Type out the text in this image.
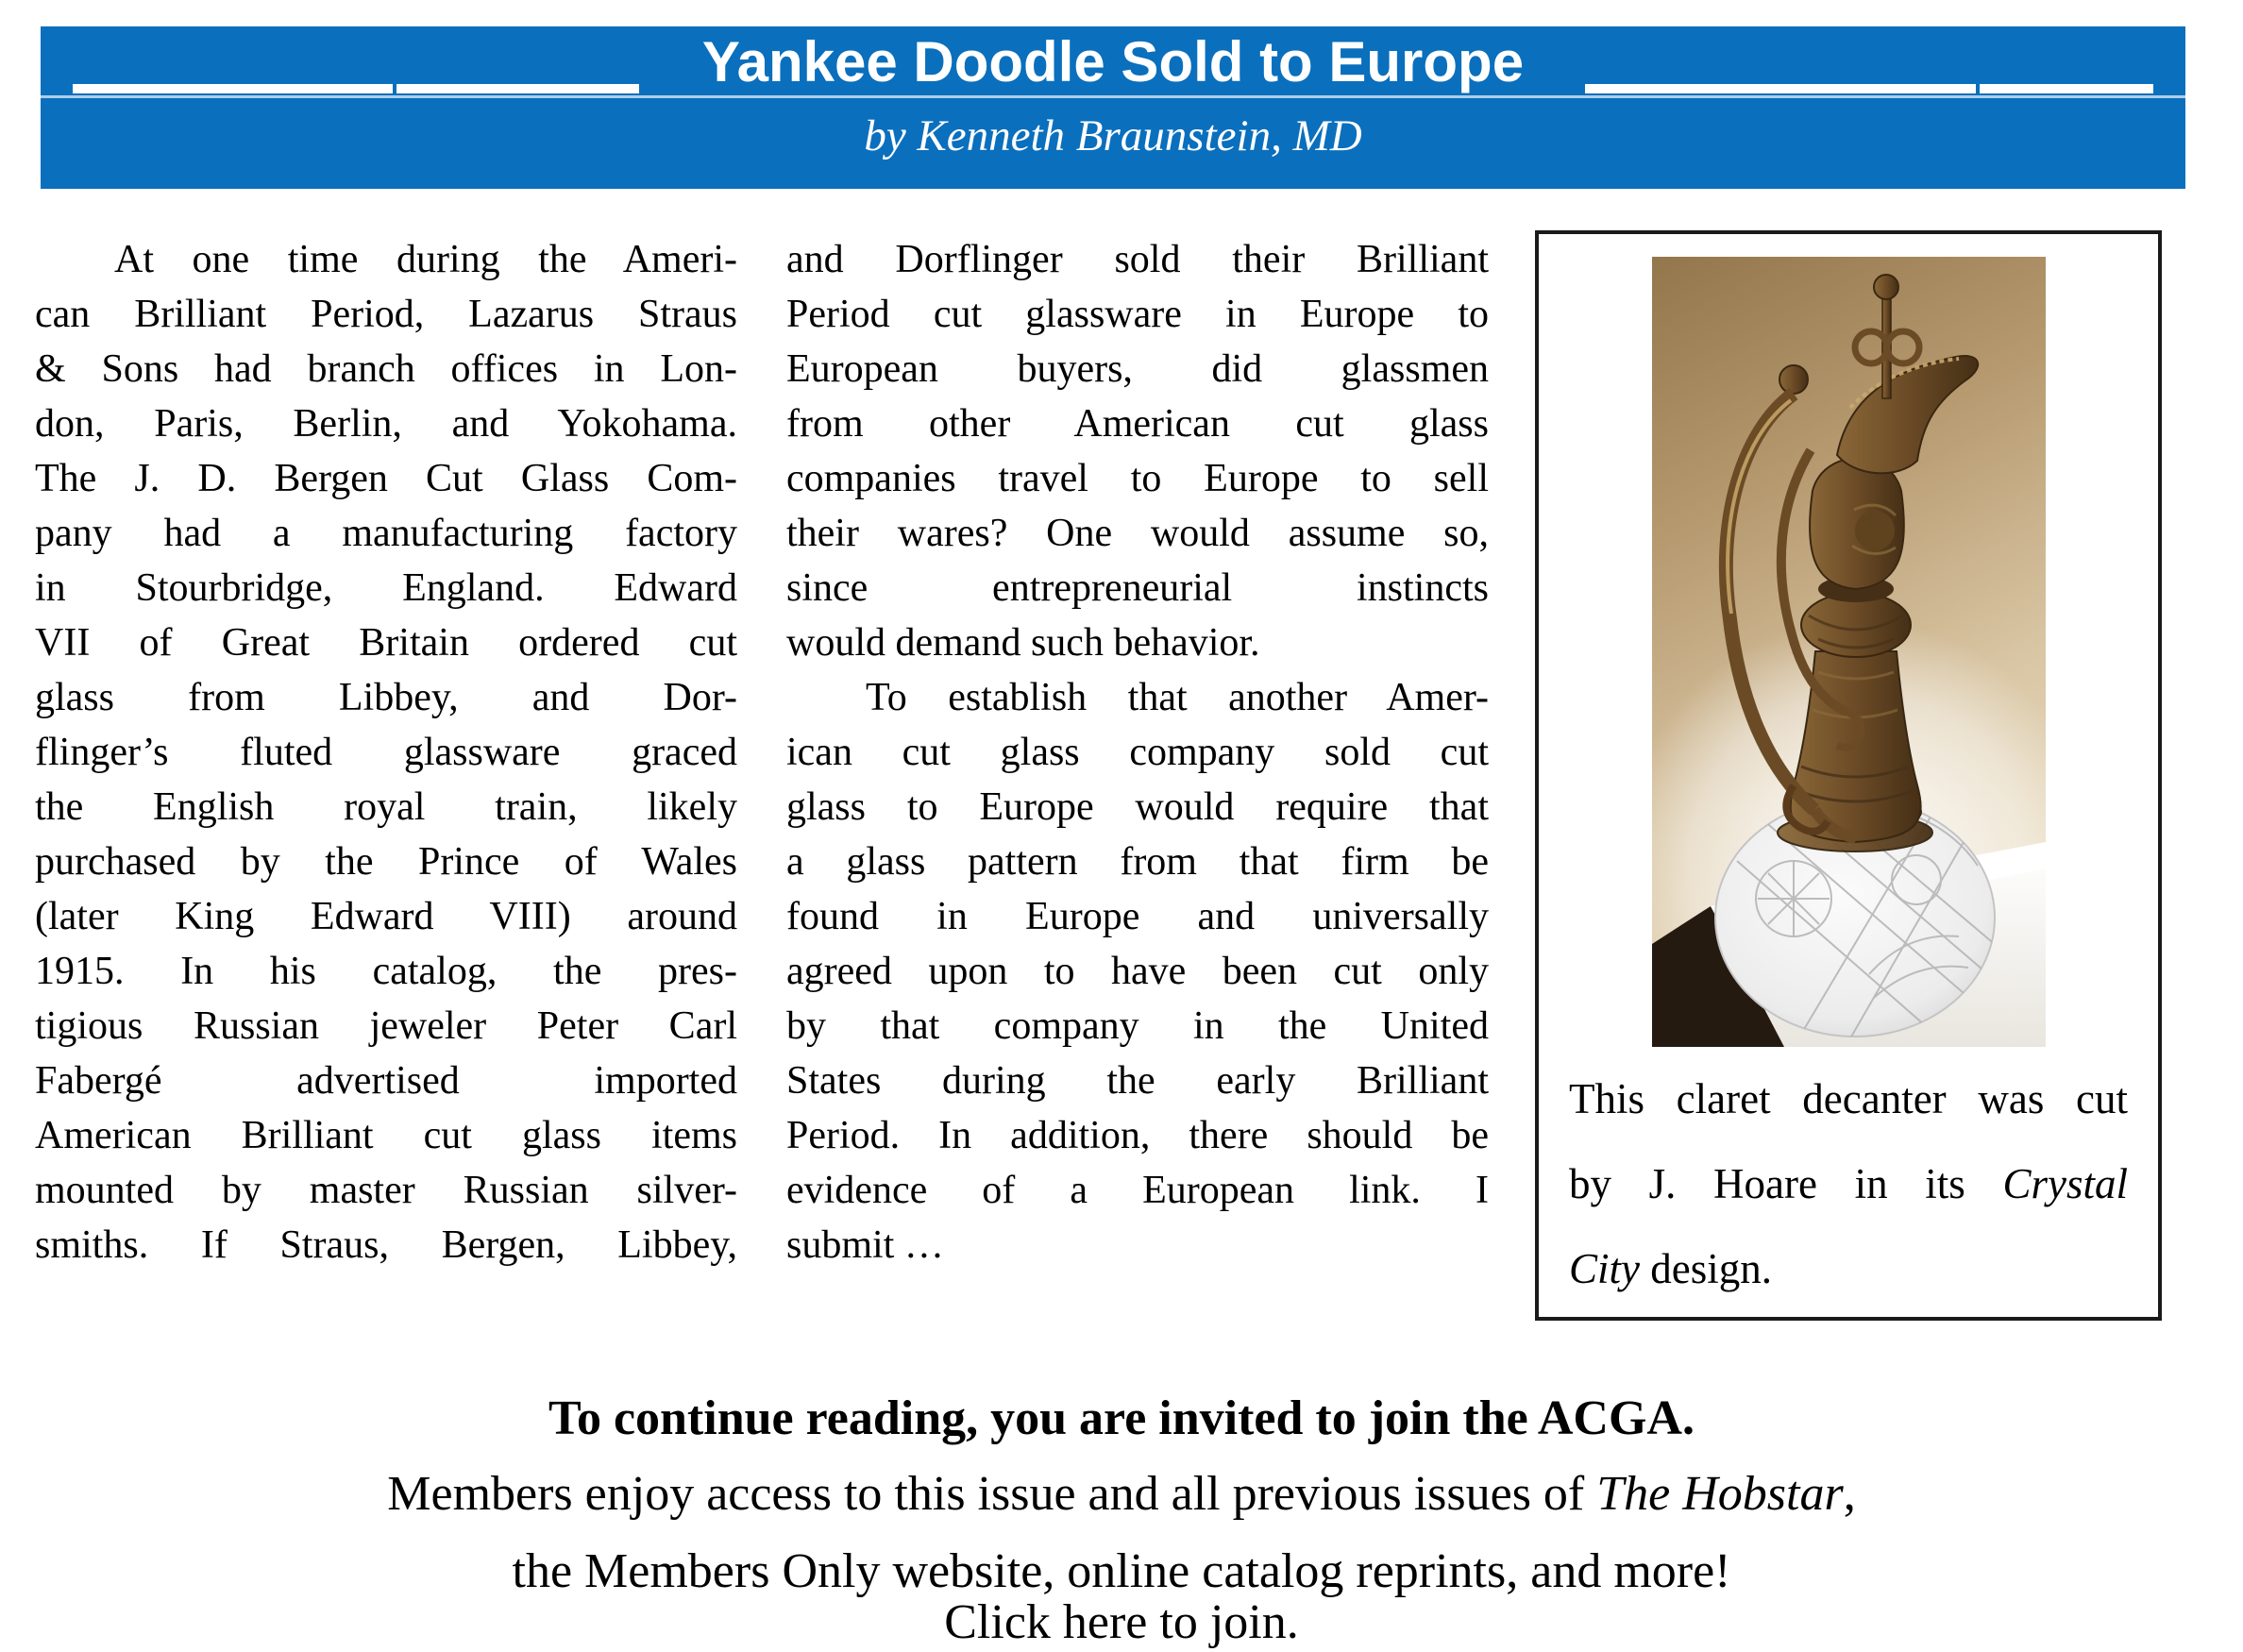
Yankee Doodle Sold to Europe
by Kenneth Braunstein, MD
At one time during the Ameri-
can Brilliant Period, Lazarus Straus
& Sons had branch offices in Lon-
don, Paris, Berlin, and Yokohama.
The J. D. Bergen Cut Glass Com-
pany had a manufacturing factory
in Stourbridge, England. Edward
VII of Great Britain ordered cut
glass from Libbey, and Dor-
flinger’s fluted glassware graced
the English royal train, likely
purchased by the Prince of Wales
(later King Edward VIII) around
1915. In his catalog, the pres-
tigious Russian jeweler Peter Carl
Fabergé advertised imported
American Brilliant cut glass items
mounted by master Russian silver-
smiths. If Straus, Bergen, Libbey,
and Dorflinger sold their Brilliant
Period cut glassware in Europe to
European buyers, did glassmen
from other American cut glass
companies travel to Europe to sell
their wares? One would assume so,
since entrepreneurial instincts
would demand such behavior.
To establish that another Amer-
ican cut glass company sold cut
glass to Europe would require that
a glass pattern from that firm be
found in Europe and universally
agreed upon to have been cut only
by that company in the United
States during the early Brilliant
Period. In addition, there should be
evidence of a European link. I
submit …
This claret decanter was cut
by J. Hoare in its Crystal
City design.
To continue reading, you are invited to join the ACGA.
Members enjoy access to this issue and all previous issues of The Hobstar,
the Members Only website, online catalog reprints, and more!
Click here to join.
